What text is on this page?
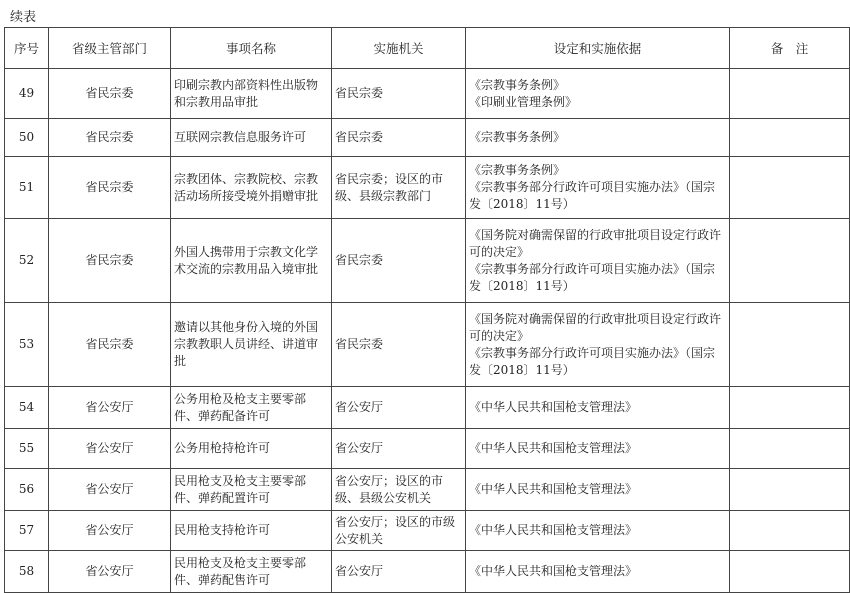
续表
序号	省级主管部门	事项名称	实施机关	设定和实施依据	备　注
49	省民宗委	印刷宗教内部资料性出版物和宗教用品审批	省民宗委	《宗教事务条例》
《印刷业管理条例》	
50	省民宗委	互联网宗教信息服务许可	省民宗委	《宗教事务条例》	
51	省民宗委	宗教团体、宗教院校、宗教活动场所接受境外捐赠审批	省民宗委；设区的市级、县级宗教部门	《宗教事务条例》
《宗教事务部分行政许可项目实施办法》（国宗发〔2018〕11号）	
52	省民宗委	外国人携带用于宗教文化学术交流的宗教用品入境审批	省民宗委	《国务院对确需保留的行政审批项目设定行政许可的决定》
《宗教事务部分行政许可项目实施办法》（国宗发〔2018〕11号）	
53	省民宗委	邀请以其他身份入境的外国宗教教职人员讲经、讲道审批	省民宗委	《国务院对确需保留的行政审批项目设定行政许可的决定》
《宗教事务部分行政许可项目实施办法》（国宗发〔2018〕11号）	
54	省公安厅	公务用枪及枪支主要零部件、弹药配备许可	省公安厅	《中华人民共和国枪支管理法》	
55	省公安厅	公务用枪持枪许可	省公安厅	《中华人民共和国枪支管理法》	
56	省公安厅	民用枪支及枪支主要零部件、弹药配置许可	省公安厅；设区的市级、县级公安机关	《中华人民共和国枪支管理法》	
57	省公安厅	民用枪支持枪许可	省公安厅；设区的市级公安机关	《中华人民共和国枪支管理法》	
58	省公安厅	民用枪支及枪支主要零部件、弹药配售许可	省公安厅	《中华人民共和国枪支管理法》	
